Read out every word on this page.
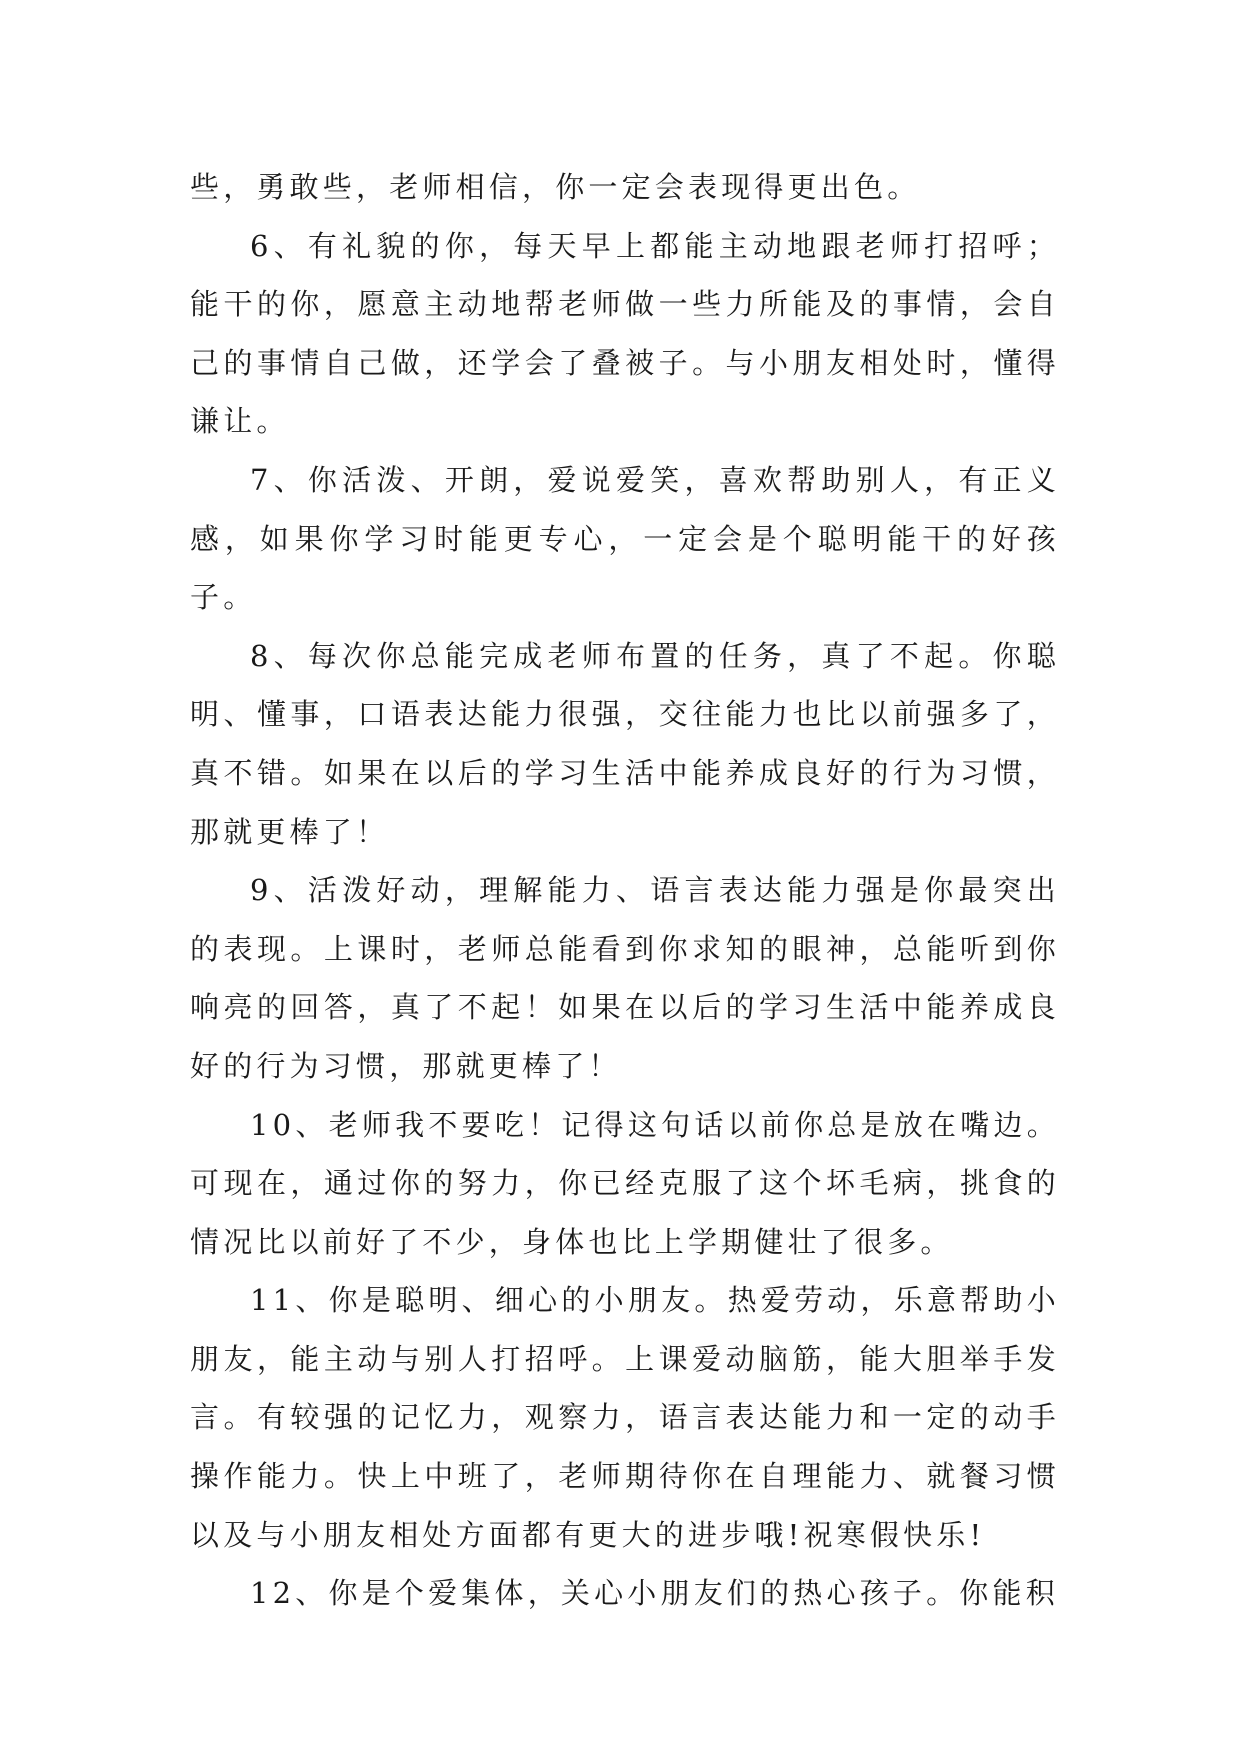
些，勇敢些，老师相信，你一定会表现得更出色。

6、有礼貌的你，每天早上都能主动地跟老师打招呼；能干的你，愿意主动地帮老师做一些力所能及的事情，会自己的事情自己做，还学会了叠被子。与小朋友相处时，懂得谦让。

7、你活泼、开朗，爱说爱笑，喜欢帮助别人，有正义感，如果你学习时能更专心，一定会是个聪明能干的好孩子。

8、每次你总能完成老师布置的任务，真了不起。你聪明、懂事，口语表达能力很强，交往能力也比以前强多了，真不错。如果在以后的学习生活中能养成良好的行为习惯，那就更棒了！

9、活泼好动，理解能力、语言表达能力强是你最突出的表现。上课时，老师总能看到你求知的眼神，总能听到你响亮的回答，真了不起！如果在以后的学习生活中能养成良好的行为习惯，那就更棒了！

10、老师我不要吃！记得这句话以前你总是放在嘴边。可现在，通过你的努力，你已经克服了这个坏毛病，挑食的情况比以前好了不少，身体也比上学期健壮了很多。

11、你是聪明、细心的小朋友。热爱劳动，乐意帮助小朋友，能主动与别人打招呼。上课爱动脑筋，能大胆举手发言。有较强的记忆力，观察力，语言表达能力和一定的动手操作能力。快上中班了，老师期待你在自理能力、就餐习惯以及与小朋友相处方面都有更大的进步哦!祝寒假快乐!

12、你是个爱集体，关心小朋友们的热心孩子。你能积
